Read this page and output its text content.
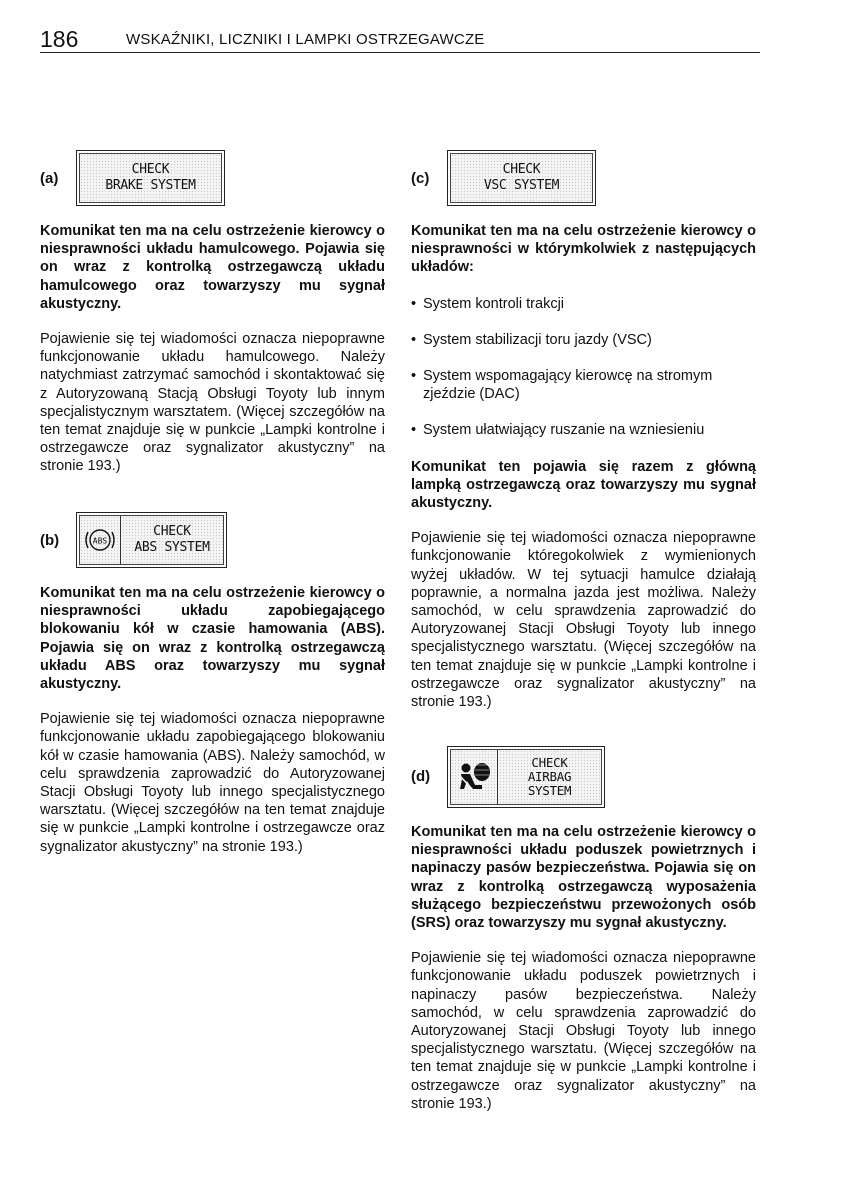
186	WSKAŹNIKI, LICZNIKI I LAMPKI OSTRZEGAWCZE
(a)
CHECK
BRAKE SYSTEM

Komunikat ten ma na celu ostrzeżenie kierowcy o niesprawności układu hamulcowego. Pojawia się on wraz z kontrolką ostrzegawczą układu hamulcowego oraz towarzyszy mu sygnał akustyczny.

Pojawienie się tej wiadomości oznacza niepoprawne funkcjonowanie układu hamulcowego. Należy natychmiast zatrzymać samochód i skontaktować się z Autoryzowaną Stacją Obsługi Toyoty lub innym specjalistycznym warsztatem. (Więcej szczegółów na ten temat znajduje się w punkcie „Lampki kontrolne i ostrzegawcze oraz sygnalizator akustyczny” na stronie 193.)

(b)	ABS
CHECK
ABS SYSTEM

Komunikat ten ma na celu ostrzeżenie kierowcy o niesprawności układu zapobiegającego blokowaniu kół w czasie hamowania (ABS). Pojawia się on wraz z kontrolką ostrzegawczą układu ABS oraz towarzyszy mu sygnał akustyczny.

Pojawienie się tej wiadomości oznacza niepoprawne funkcjonowanie układu zapobiegającego blokowaniu kół w czasie hamowania (ABS). Należy samochód, w celu sprawdzenia zaprowadzić do Autoryzowanej Stacji Obsługi Toyoty lub innego specjalistycznego warsztatu. (Więcej szczegółów na ten temat znajduje się w punkcie „Lampki kontrolne i ostrzegawcze oraz sygnalizator akustyczny” na stronie 193.)

(c)
CHECK
VSC SYSTEM

Komunikat ten ma na celu ostrzeżenie kierowcy o niesprawności w którymkolwiek z następujących układów:

• System kontroli trakcji
• System stabilizacji toru jazdy (VSC)
• System wspomagający kierowcę na stromym zjeździe (DAC)
• System ułatwiający ruszanie na wzniesieniu

Komunikat ten pojawia się razem z główną lampką ostrzegawczą oraz towarzyszy mu sygnał akustyczny.

Pojawienie się tej wiadomości oznacza niepoprawne funkcjonowanie któregokolwiek z wymienionych wyżej układów. W tej sytuacji hamulce działają poprawnie, a normalna jazda jest możliwa. Należy samochód, w celu sprawdzenia zaprowadzić do Autoryzowanej Stacji Obsługi Toyoty lub innego specjalistycznego warsztatu. (Więcej szczegółów na ten temat znajduje się w punkcie „Lampki kontrolne i ostrzegawcze oraz sygnalizator akustyczny” na stronie 193.)

(d)
CHECK
AIRBAG
SYSTEM

Komunikat ten ma na celu ostrzeżenie kierowcy o niesprawności układu poduszek powietrznych i napinaczy pasów bezpieczeństwa. Pojawia się on wraz z kontrolką ostrzegawczą wyposażenia służącego bezpieczeństwu przewożonych osób (SRS) oraz towarzyszy mu sygnał akustyczny.

Pojawienie się tej wiadomości oznacza niepoprawne funkcjonowanie układu poduszek powietrznych i napinaczy pasów bezpieczeństwa. Należy samochód, w celu sprawdzenia zaprowadzić do Autoryzowanej Stacji Obsługi Toyoty lub innego specjalistycznego warsztatu. (Więcej szczegółów na ten temat znajduje się w punkcie „Lampki kontrolne i ostrzegawcze oraz sygnalizator akustyczny” na stronie 193.)
